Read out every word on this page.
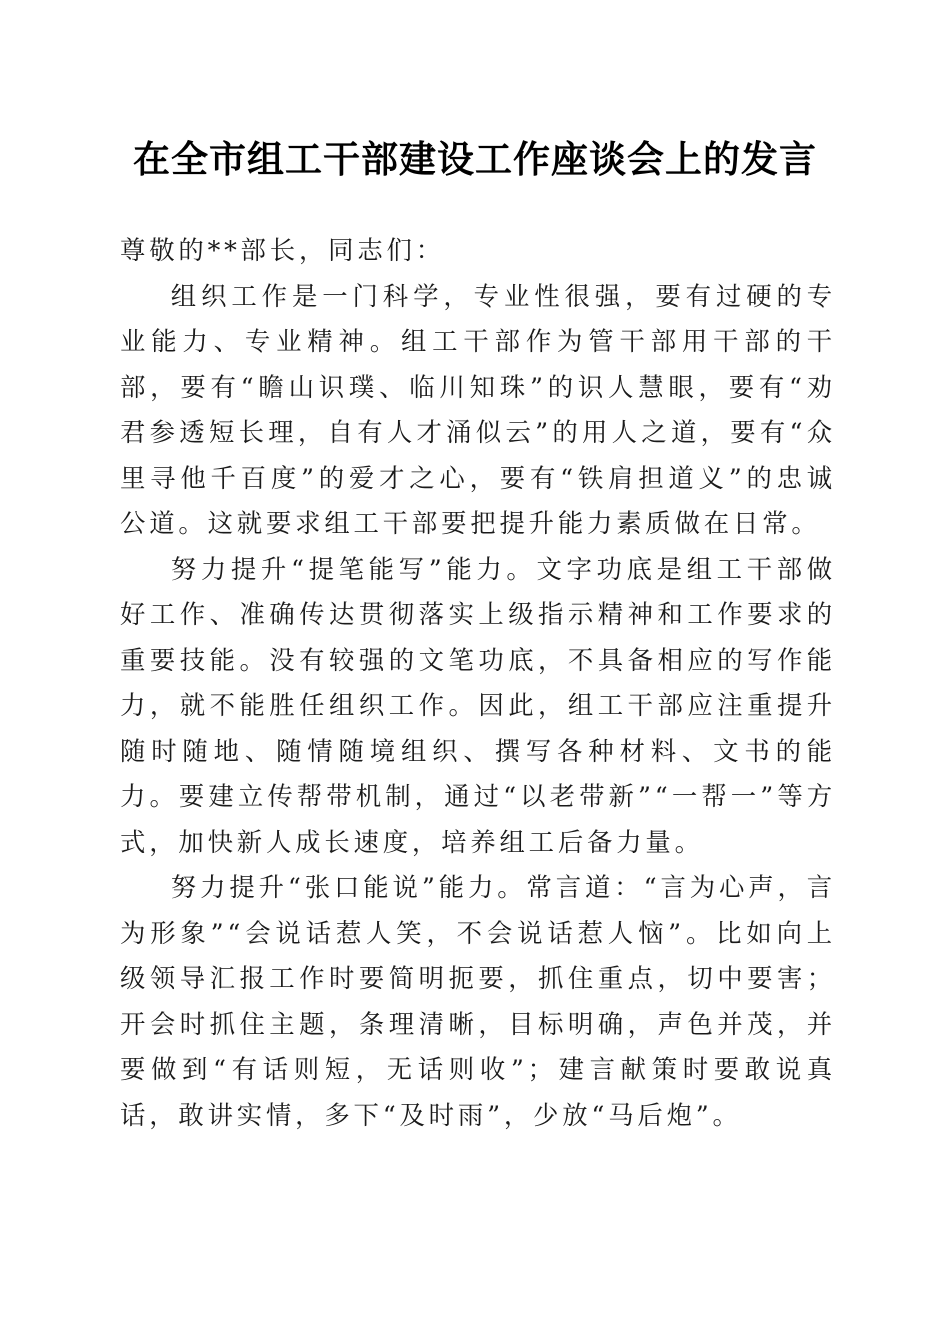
在全市组工干部建设工作座谈会上的发言

尊敬的**部长，同志们：

组织工作是一门科学，专业性很强，要有过硬的专业能力、专业精神。组工干部作为管干部用干部的干部，要有“瞻山识璞、临川知珠”的识人慧眼，要有“劝君参透短长理，自有人才涌似云”的用人之道，要有“众里寻他千百度”的爱才之心，要有“铁肩担道义”的忠诚公道。这就要求组工干部要把提升能力素质做在日常。

努力提升“提笔能写”能力。文字功底是组工干部做好工作、准确传达贯彻落实上级指示精神和工作要求的重要技能。没有较强的文笔功底，不具备相应的写作能力，就不能胜任组织工作。因此，组工干部应注重提升随时随地、随情随境组织、撰写各种材料、文书的能力。要建立传帮带机制，通过“以老带新”“一帮一”等方式，加快新人成长速度，培养组工后备力量。

努力提升“张口能说”能力。常言道：“言为心声，言为形象”“会说话惹人笑，不会说话惹人恼”。比如向上级领导汇报工作时要简明扼要，抓住重点，切中要害；开会时抓住主题，条理清晰，目标明确，声色并茂，并要做到“有话则短，无话则收”；建言献策时要敢说真话，敢讲实情，多下“及时雨”，少放“马后炮”。
